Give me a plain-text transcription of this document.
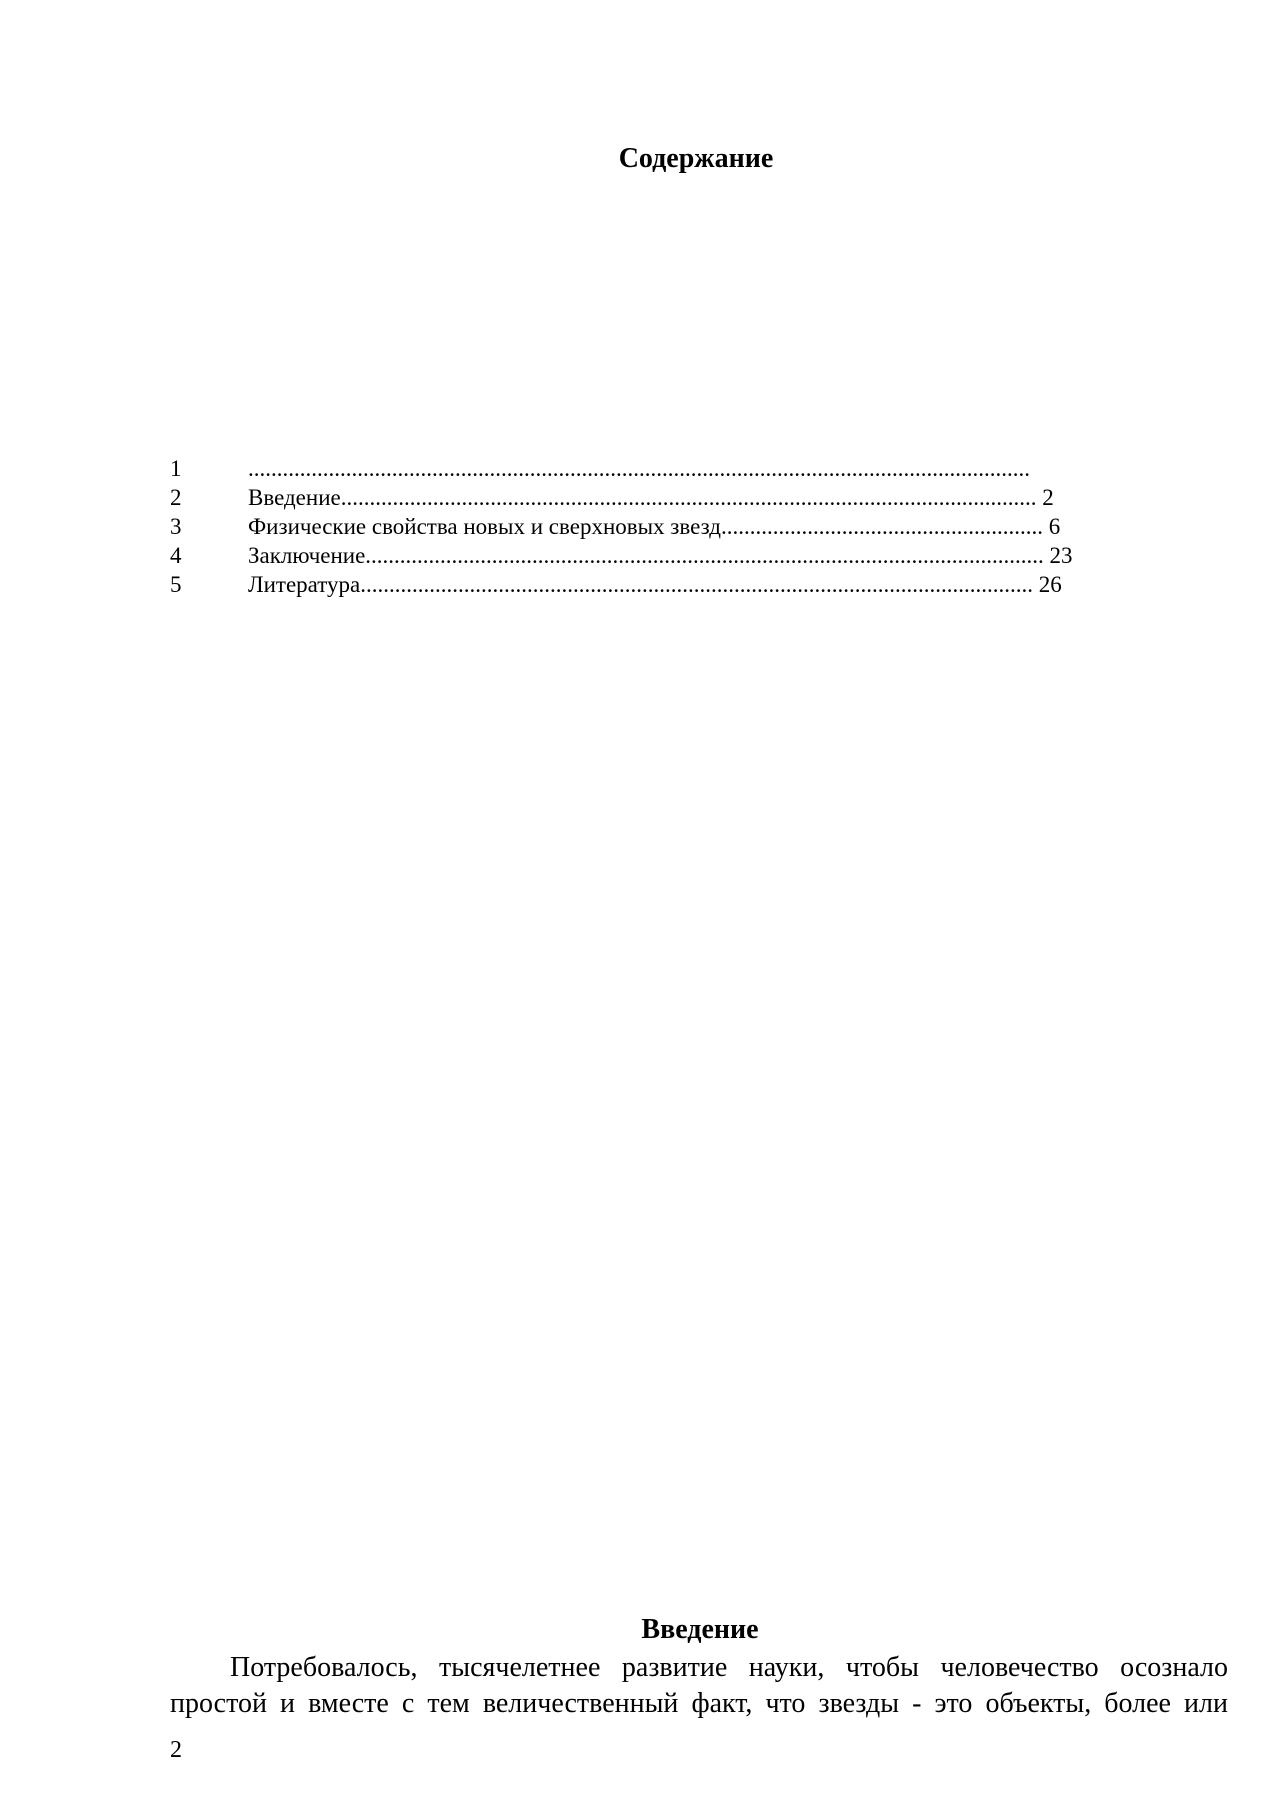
Содержание
1	........................................................................................................................................
2	Введение......................................................................................................................... 2
3	Физические свойства новых и сверхновых звезд........................................................ 6
4	Заключение...................................................................................................................... 23
5	Литература..................................................................................................................... 26
Введение
Потребовалось, тысячелетнее развитие науки, чтобы человечество осознало
простой и вместе с тем величественный факт, что звезды - это объекты, более или
2
